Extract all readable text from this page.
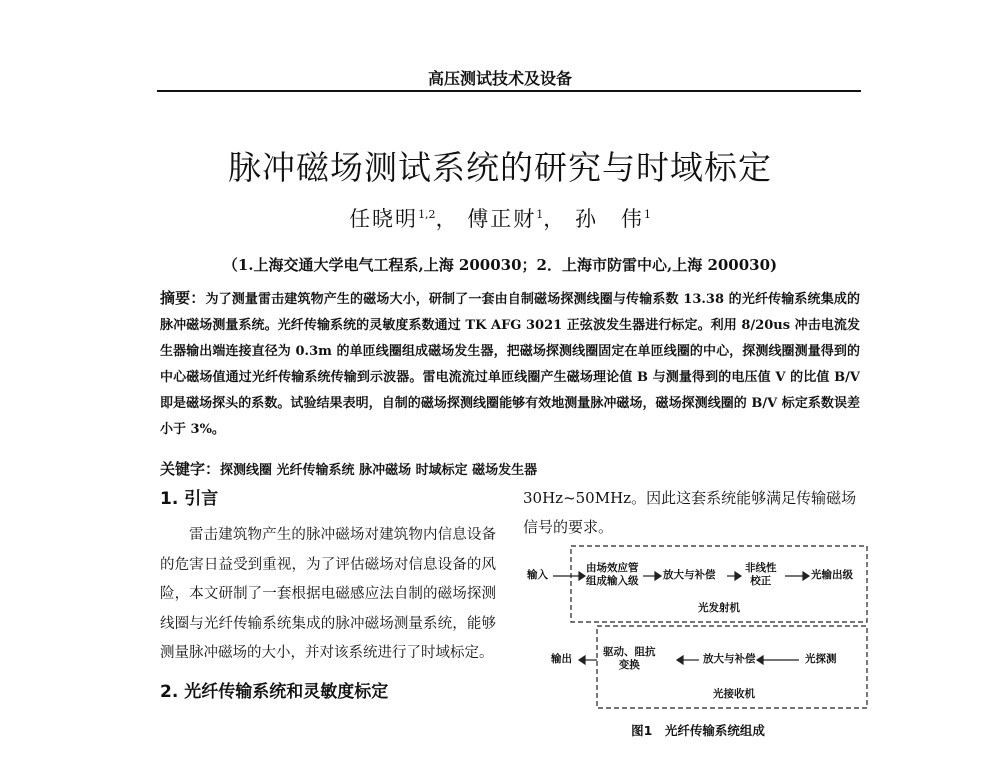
高压测试技术及设备
脉冲磁场测试系统的研究与时域标定
任晓明$^{1,2}$， 傅正财$^1$， 孙　伟$^1$
（1.上海交通大学电气工程系,上海 200030；2．上海市防雷中心,上海 200030)
摘要：为了测量雷击建筑物产生的磁场大小，研制了一套由自制磁场探测线圈与传输系数 13.38 的光纤传输系统集成的脉冲磁场测量系统。光纤传输系统的灵敏度系数通过 TK AFG 3021 正弦波发生器进行标定。利用 8/20us 冲击电流发生器输出端连接直径为 0.3m 的单匝线圈组成磁场发生器，把磁场探测线圈固定在单匝线圈的中心，探测线圈测量得到的中心磁场值通过光纤传输系统传输到示波器。雷电流流过单匝线圈产生磁场理论值 B 与测量得到的电压值 V 的比值 B/V 即是磁场探头的系数。试验结果表明，自制的磁场探测线圈能够有效地测量脉冲磁场，磁场探测线圈的 B/V 标定系数误差小于 3%。
关键字：探测线圈 光纤传输系统 脉冲磁场 时域标定 磁场发生器
1. 引言

雷击建筑物产生的脉冲磁场对建筑物内信息设备的危害日益受到重视，为了评估磁场对信息设备的风险，本文研制了一套根据电磁感应法自制的磁场探测线圈与光纤传输系统集成的脉冲磁场测量系统，能够测量脉冲磁场的大小，并对该系统进行了时域标定。

2. 光纤传输系统和灵敏度标定

30Hz~50MHz。因此这套系统能够满足传输磁场信号的要求。

输入
由场效应管
组成输入级 放大与补偿
非线性
校正	光输出级
光发射机
输出
驱动、阻抗
变换	放大与补偿	光探测
光接收机
图1　光纤传输系统组成
